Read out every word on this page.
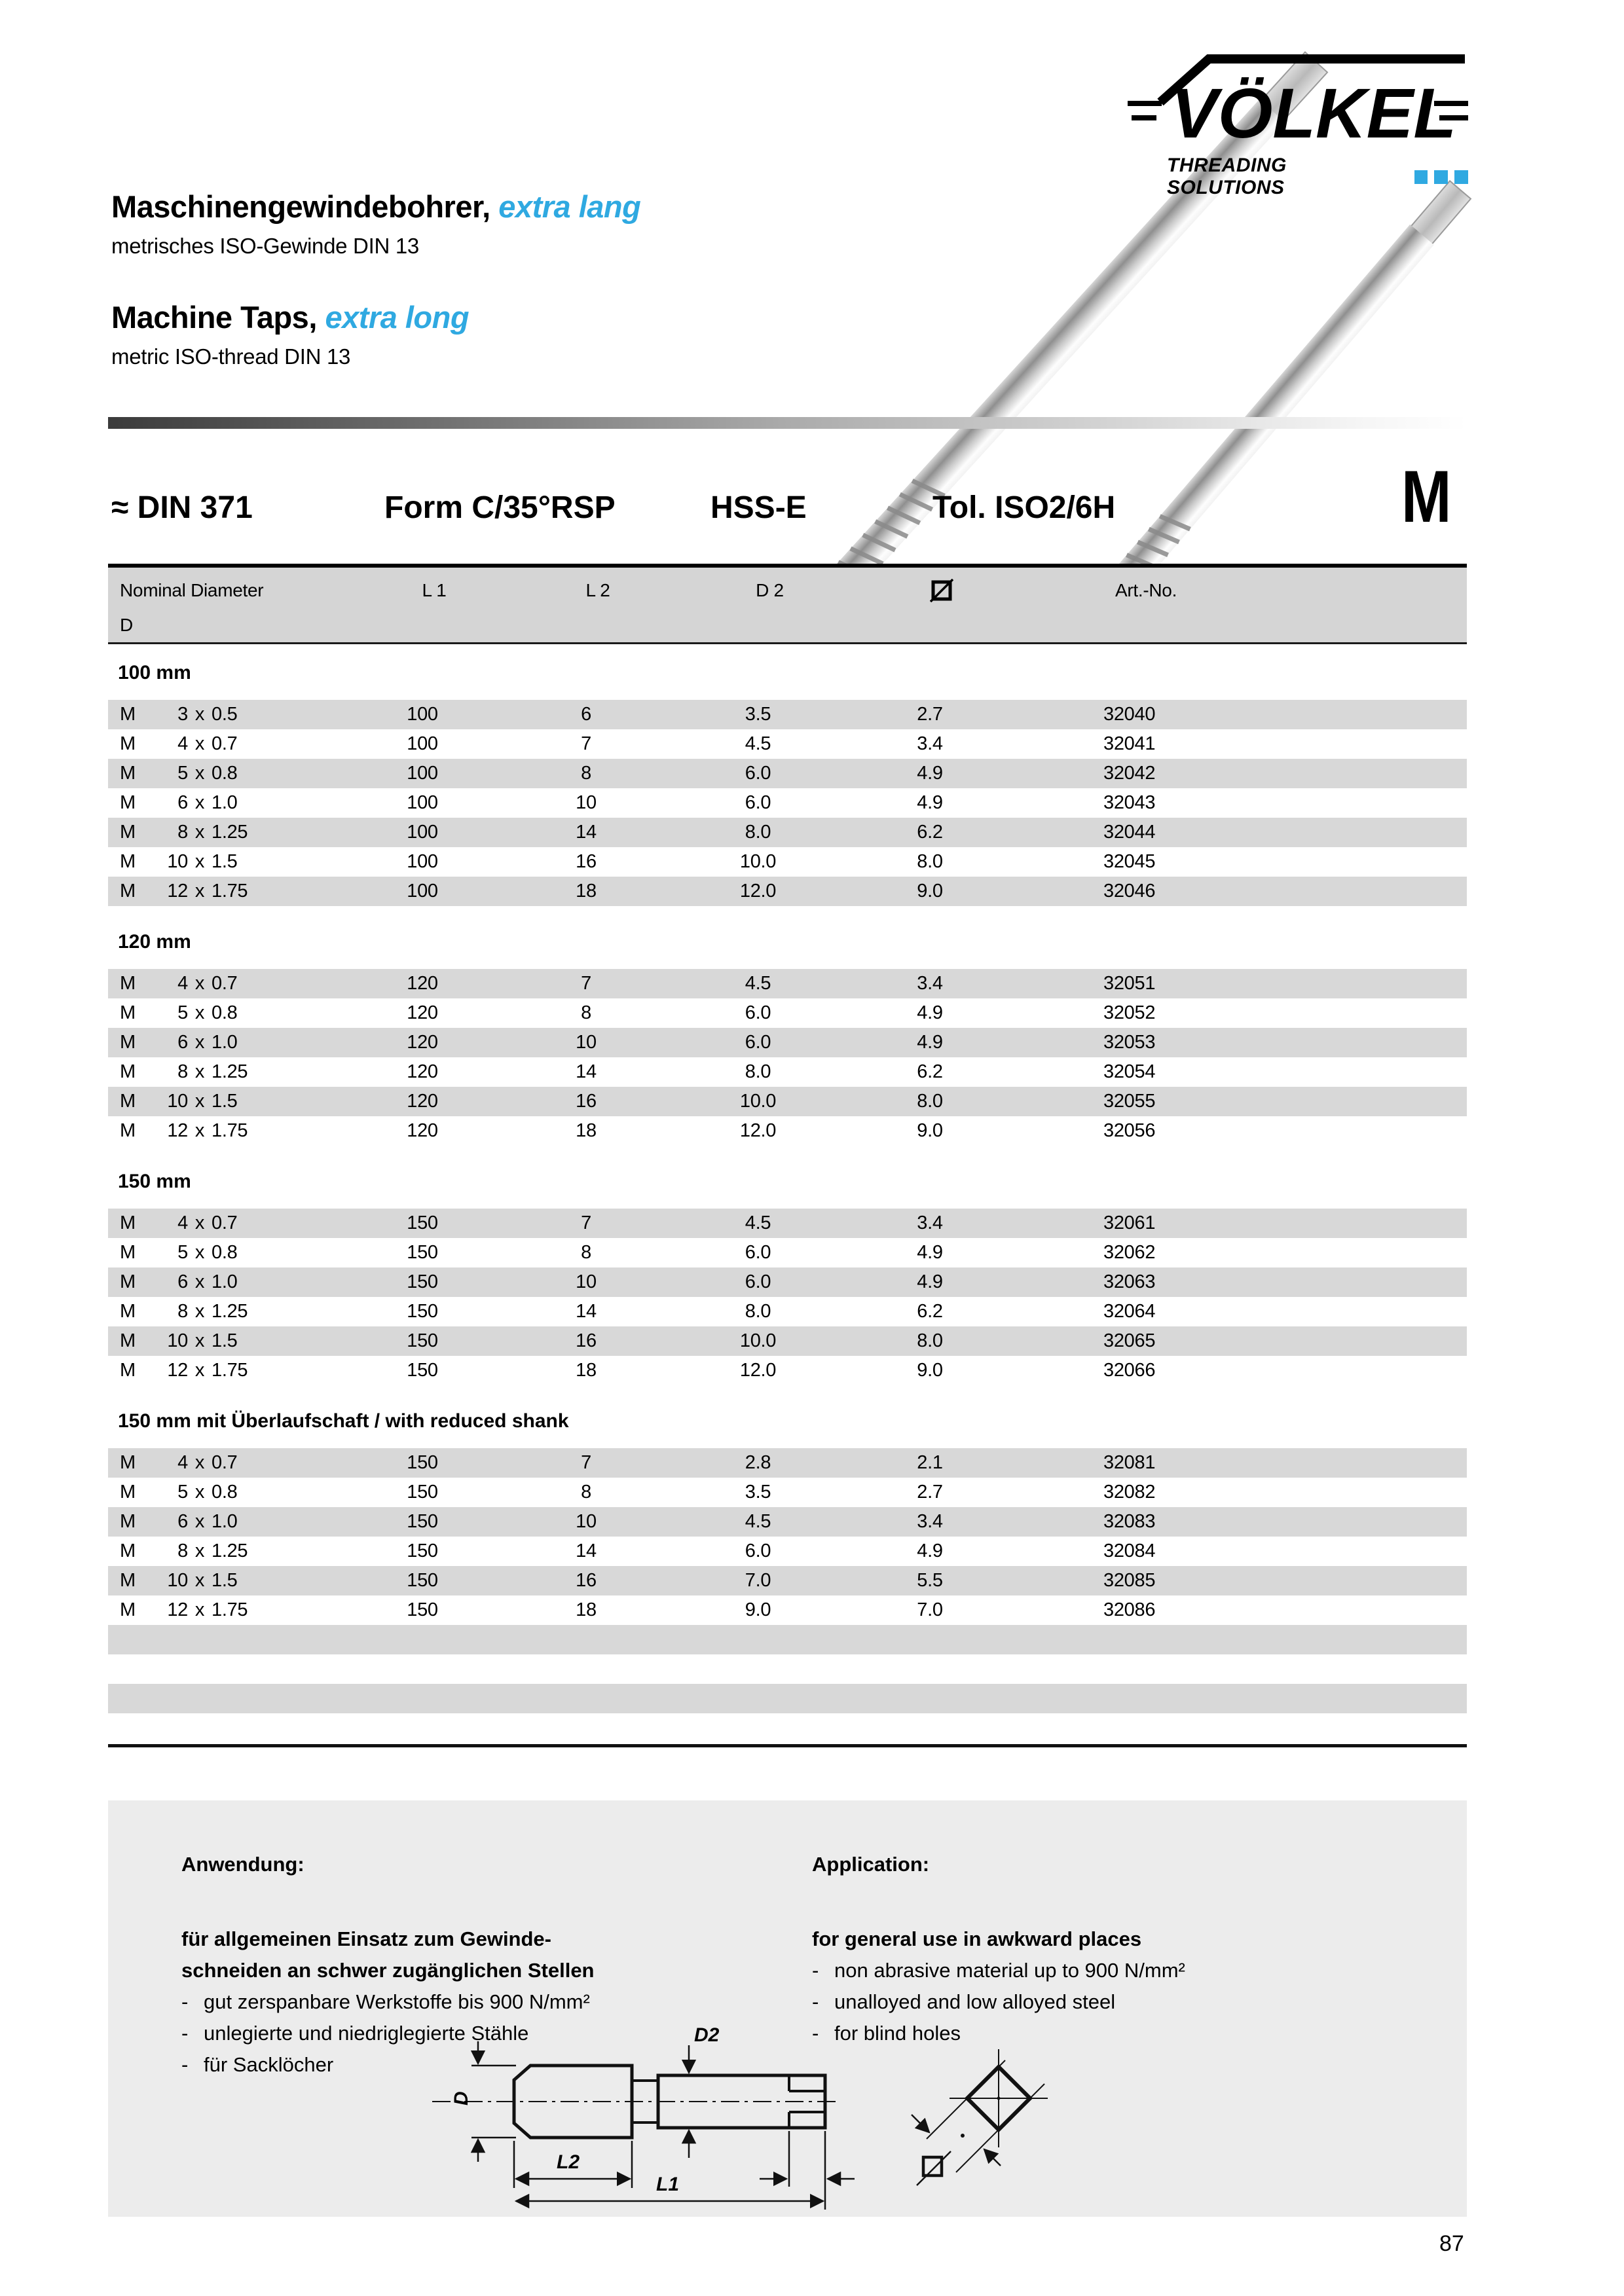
VÖLKEL
THREADING SOLUTIONS
Maschinengewindebohrer, extra lang
metrisches ISO-Gewinde DIN 13
Machine Taps, extra long
metric ISO-thread DIN 13
≈ DIN 371	Form C/35°RSP	HSS-E	Tol. ISO2/6H	M
Nominal Diameter	L 1	L 2	D 2	Art.-No.
D
100 mm
M	3 x 0.5	100	6	3.5	2.7	32040
M	4 x 0.7	100	7	4.5	3.4	32041
M	5 x 0.8	100	8	6.0	4.9	32042
M	6 x 1.0	100	10	6.0	4.9	32043
M	8 x 1.25	100	14	8.0	6.2	32044
M	10 x 1.5	100	16	10.0	8.0	32045
M	12 x 1.75	100	18	12.0	9.0	32046
120 mm
M	4 x 0.7	120	7	4.5	3.4	32051
M	5 x 0.8	120	8	6.0	4.9	32052
M	6 x 1.0	120	10	6.0	4.9	32053
M	8 x 1.25	120	14	8.0	6.2	32054
M	10 x 1.5	120	16	10.0	8.0	32055
M	12 x 1.75	120	18	12.0	9.0	32056
150 mm
M	4 x 0.7	150	7	4.5	3.4	32061
M	5 x 0.8	150	8	6.0	4.9	32062
M	6 x 1.0	150	10	6.0	4.9	32063
M	8 x 1.25	150	14	8.0	6.2	32064
M	10 x 1.5	150	16	10.0	8.0	32065
M	12 x 1.75	150	18	12.0	9.0	32066
150 mm mit Überlaufschaft / with reduced shank
M	4 x 0.7	150	7	2.8	2.1	32081
M	5 x 0.8	150	8	3.5	2.7	32082
M	6 x 1.0	150	10	4.5	3.4	32083
M	8 x 1.25	150	14	6.0	4.9	32084
M	10 x 1.5	150	16	7.0	5.5	32085
M	12 x 1.75	150	18	9.0	7.0	32086
Anwendung:
für allgemeinen Einsatz zum Gewinde-
schneiden an schwer zugänglichen Stellen
- gut zerspanbare Werkstoffe bis 900 N/mm²
- unlegierte und niedriglegierte Stähle
- für Sacklöcher
Application:
for general use in awkward places
- non abrasive material up to 900 N/mm²
- unalloyed and low alloyed steel
- for blind holes
D
L2
L1
D2
87
